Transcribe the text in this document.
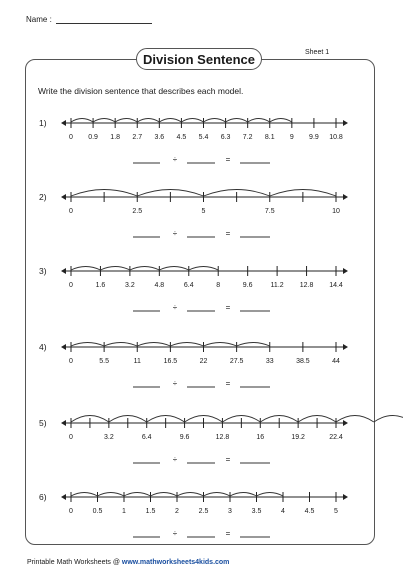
Name :
Division Sentence	Sheet 1
Write the division sentence that describes each model.
1)
0 0.9 1.8 2.7 3.6 4.5 5.4 6.3 7.2 8.1 9 9.9 10.8
÷	=
2)
0	2.5	5	7.5	10
÷	=
3)
0	1.6	3.2	4.8	6.4	8	9.6	11.2 12.8 14.4
÷	=
4)
0	5.5	11	16.5	22	27.5	33	38.5	44
÷	=
5)
0	3.2	6.4	9.6	12.8	16	19.2	22.4
÷	=
6)
0	0.5	1	1.5	2	2.5	3	3.5	4	4.5	5
÷	=
Printable Math Worksheets @ www.mathworksheets4kids.com
